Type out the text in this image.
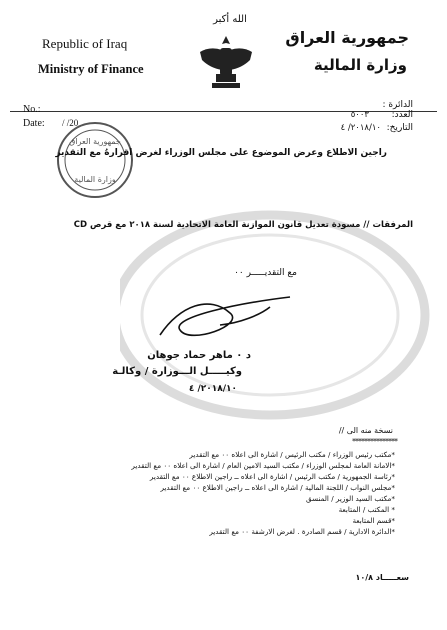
Republic of Iraq
Ministry of Finance
جمهورية العراق
وزارة المالية
الله أكبر
الدائرة :
No.:
Date: / /20
العدد:
٥٠٠٣
التاريخ:
٢٠١٨/١٠/ ٤
جمهورية العراق
وزارة المالية
راجين الاطلاع وعرض الموضوع على مجلس الوزراء لغرض اقرارهُ مع التقدير
المرفقات // مسودة تعديل قانون الموازنة العامة الاتحادية لسنة ٢٠١٨ مع قرص CD
مع التقديـــــر ٠٠
د ٠ ماهر حماد جوهان
وكيـــــل الـــوزارة / وكالـة
٢٠١٨/١٠/ ٤
نسخة منه الى //
***************
*مكتب رئيس الوزراء / مكتب الرئيس / اشارة الى اعلاه ٠٠ مع التقدير
*الامانة العامة لمجلس الوزراء / مكتب السيد الامين العام / اشارة الى اعلاه ٠٠ مع التقدير
*رئاسة الجمهورية / مكتب الرئيس / اشارة الى اعلاه ــ راجين الاطلاع ٠٠ مع التقدير
*مجلس النواب / اللجنة المالية / اشارة الى اعلاه ــ راجين الاطلاع ٠٠ مع التقدير
*مكتب السيد الوزير / المنسق
* المكتب / المتابعة
*قسم المتابعة
*الدائرة الادارية / قسم الصادرة . لغرض الارشفة ٠٠ مع التقدير
سعـــــاد ١٠/٨
